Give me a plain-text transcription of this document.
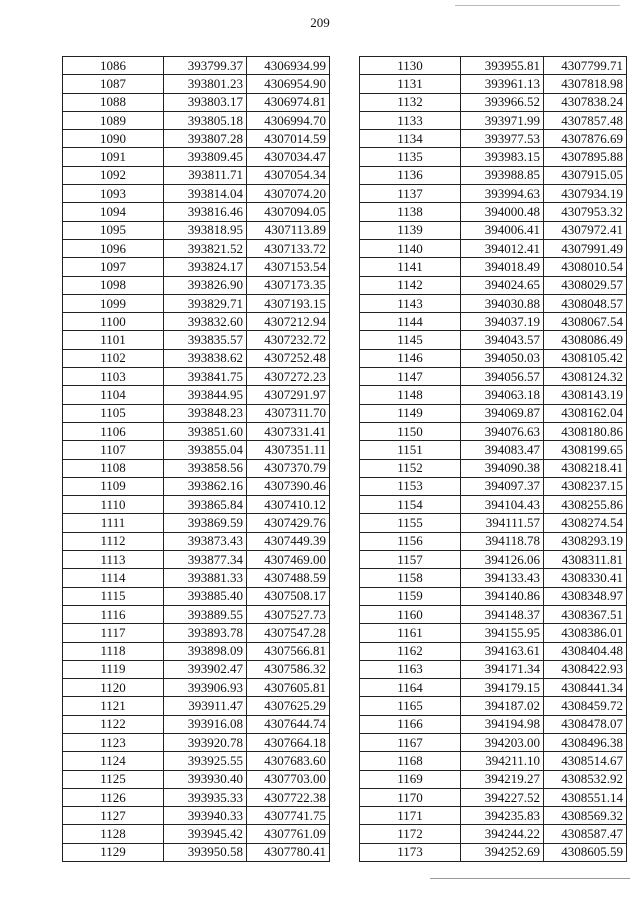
209
1086	393799.37	4306934.99
1087	393801.23	4306954.90
1088	393803.17	4306974.81
1089	393805.18	4306994.70
1090	393807.28	4307014.59
1091	393809.45	4307034.47
1092	393811.71	4307054.34
1093	393814.04	4307074.20
1094	393816.46	4307094.05
1095	393818.95	4307113.89
1096	393821.52	4307133.72
1097	393824.17	4307153.54
1098	393826.90	4307173.35
1099	393829.71	4307193.15
1100	393832.60	4307212.94
1101	393835.57	4307232.72
1102	393838.62	4307252.48
1103	393841.75	4307272.23
1104	393844.95	4307291.97
1105	393848.23	4307311.70
1106	393851.60	4307331.41
1107	393855.04	4307351.11
1108	393858.56	4307370.79
1109	393862.16	4307390.46
1110	393865.84	4307410.12
1111	393869.59	4307429.76
1112	393873.43	4307449.39
1113	393877.34	4307469.00
1114	393881.33	4307488.59
1115	393885.40	4307508.17
1116	393889.55	4307527.73
1117	393893.78	4307547.28
1118	393898.09	4307566.81
1119	393902.47	4307586.32
1120	393906.93	4307605.81
1121	393911.47	4307625.29
1122	393916.08	4307644.74
1123	393920.78	4307664.18
1124	393925.55	4307683.60
1125	393930.40	4307703.00
1126	393935.33	4307722.38
1127	393940.33	4307741.75
1128	393945.42	4307761.09
1129	393950.58	4307780.41
1130	393955.81	4307799.71
1131	393961.13	4307818.98
1132	393966.52	4307838.24
1133	393971.99	4307857.48
1134	393977.53	4307876.69
1135	393983.15	4307895.88
1136	393988.85	4307915.05
1137	393994.63	4307934.19
1138	394000.48	4307953.32
1139	394006.41	4307972.41
1140	394012.41	4307991.49
1141	394018.49	4308010.54
1142	394024.65	4308029.57
1143	394030.88	4308048.57
1144	394037.19	4308067.54
1145	394043.57	4308086.49
1146	394050.03	4308105.42
1147	394056.57	4308124.32
1148	394063.18	4308143.19
1149	394069.87	4308162.04
1150	394076.63	4308180.86
1151	394083.47	4308199.65
1152	394090.38	4308218.41
1153	394097.37	4308237.15
1154	394104.43	4308255.86
1155	394111.57	4308274.54
1156	394118.78	4308293.19
1157	394126.06	4308311.81
1158	394133.43	4308330.41
1159	394140.86	4308348.97
1160	394148.37	4308367.51
1161	394155.95	4308386.01
1162	394163.61	4308404.48
1163	394171.34	4308422.93
1164	394179.15	4308441.34
1165	394187.02	4308459.72
1166	394194.98	4308478.07
1167	394203.00	4308496.38
1168	394211.10	4308514.67
1169	394219.27	4308532.92
1170	394227.52	4308551.14
1171	394235.83	4308569.32
1172	394244.22	4308587.47
1173	394252.69	4308605.59
